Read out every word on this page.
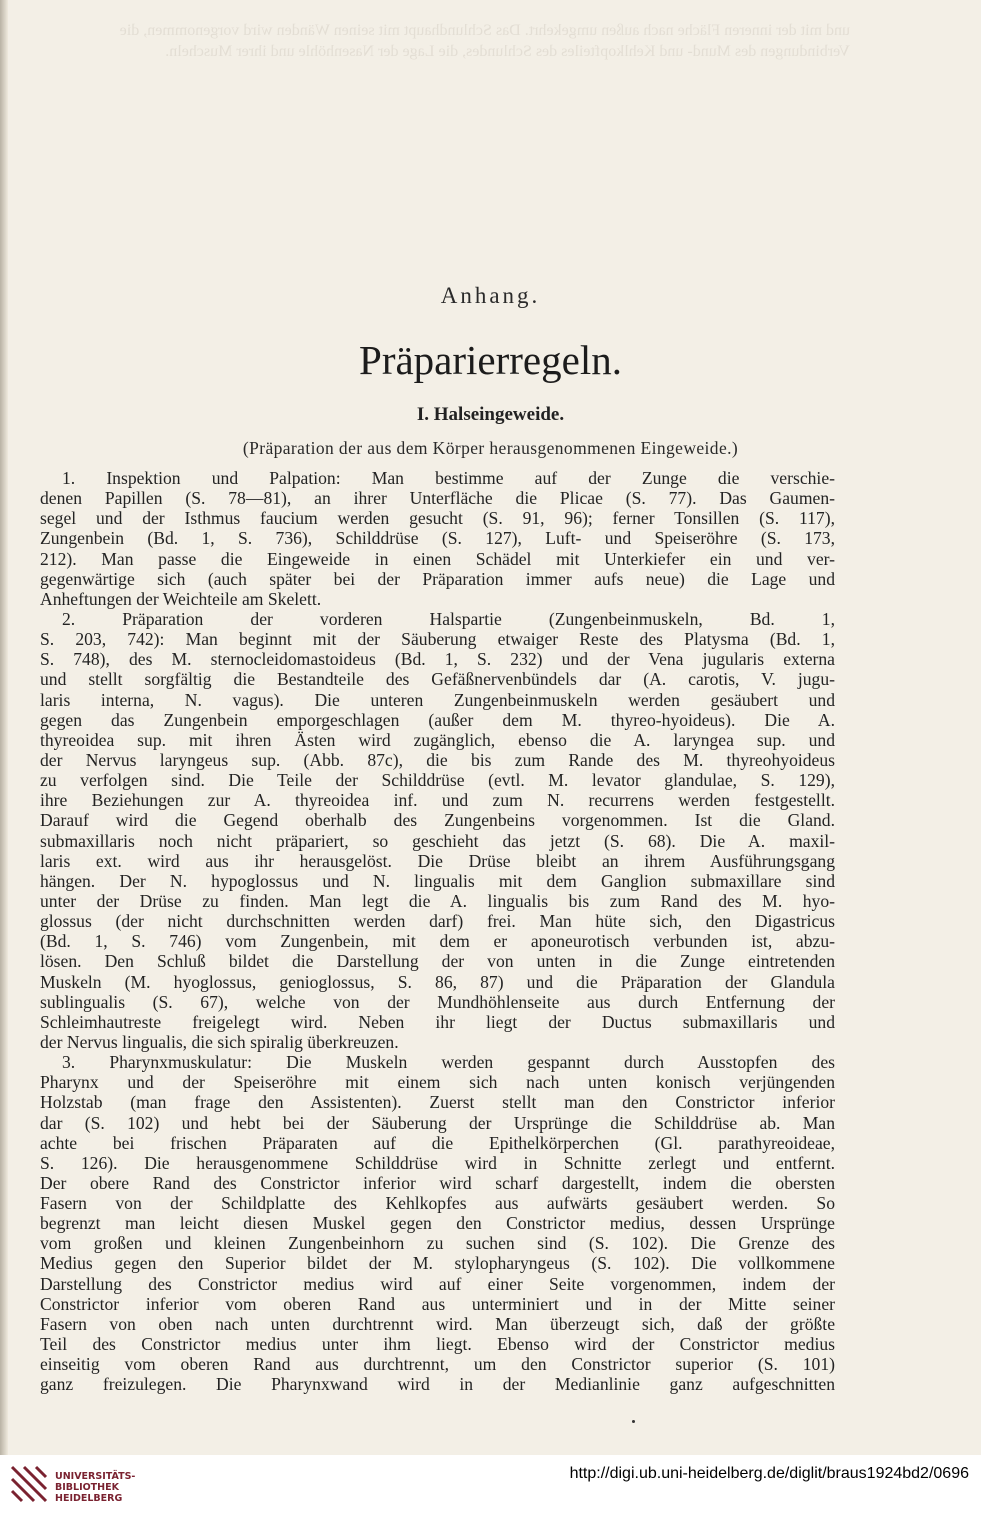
und mit der inneren Fläche nach außen umgekehrt. Das Schlundhaupt mit seinen Wänden wird vorgenommen, die Verbindungen des Mund- und Kehlkopfteiles des Schlundes, die Lage der Nasenhöhle und ihrer Muscheln.
Anhang.
Präparierregeln.
I. Halseingeweide.
(Präparation der aus dem Körper herausgenommenen Eingeweide.)
1. Inspektion und Palpation: Man bestimme auf der Zunge die verschie-
denen Papillen (S. 78—81), an ihrer Unterfläche die Plicae (S. 77). Das Gaumen-
segel und der Isthmus faucium werden gesucht (S. 91, 96); ferner Tonsillen (S. 117),
Zungenbein (Bd. 1, S. 736), Schilddrüse (S. 127), Luft- und Speiseröhre (S. 173,
212). Man passe die Eingeweide in einen Schädel mit Unterkiefer ein und ver-
gegenwärtige sich (auch später bei der Präparation immer aufs neue) die Lage und
Anheftungen der Weichteile am Skelett.
2. Präparation der vorderen Halspartie (Zungenbeinmuskeln, Bd. 1,
S. 203, 742): Man beginnt mit der Säuberung etwaiger Reste des Platysma (Bd. 1,
S. 748), des M. sternocleidomastoideus (Bd. 1, S. 232) und der Vena jugularis externa
und stellt sorgfältig die Bestandteile des Gefäßnervenbündels dar (A. carotis, V. jugu-
laris interna, N. vagus). Die unteren Zungenbeinmuskeln werden gesäubert und
gegen das Zungenbein emporgeschlagen (außer dem M. thyreo-hyoideus). Die A.
thyreoidea sup. mit ihren Ästen wird zugänglich, ebenso die A. laryngea sup. und
der Nervus laryngeus sup. (Abb. 87c), die bis zum Rande des M. thyreohyoideus
zu verfolgen sind. Die Teile der Schilddrüse (evtl. M. levator glandulae, S. 129),
ihre Beziehungen zur A. thyreoidea inf. und zum N. recurrens werden festgestellt.
Darauf wird die Gegend oberhalb des Zungenbeins vorgenommen. Ist die Gland.
submaxillaris noch nicht präpariert, so geschieht das jetzt (S. 68). Die A. maxil-
laris ext. wird aus ihr herausgelöst. Die Drüse bleibt an ihrem Ausführungsgang
hängen. Der N. hypoglossus und N. lingualis mit dem Ganglion submaxillare sind
unter der Drüse zu finden. Man legt die A. lingualis bis zum Rand des M. hyo-
glossus (der nicht durchschnitten werden darf) frei. Man hüte sich, den Digastricus
(Bd. 1, S. 746) vom Zungenbein, mit dem er aponeurotisch verbunden ist, abzu-
lösen. Den Schluß bildet die Darstellung der von unten in die Zunge eintretenden
Muskeln (M. hyoglossus, genioglossus, S. 86, 87) und die Präparation der Glandula
sublingualis (S. 67), welche von der Mundhöhlenseite aus durch Entfernung der
Schleimhautreste freigelegt wird. Neben ihr liegt der Ductus submaxillaris und
der Nervus lingualis, die sich spiralig überkreuzen.
3. Pharynxmuskulatur: Die Muskeln werden gespannt durch Ausstopfen des
Pharynx und der Speiseröhre mit einem sich nach unten konisch verjüngenden
Holzstab (man frage den Assistenten). Zuerst stellt man den Constrictor inferior
dar (S. 102) und hebt bei der Säuberung der Ursprünge die Schilddrüse ab. Man
achte bei frischen Präparaten auf die Epithelkörperchen (Gl. parathyreoideae,
S. 126). Die herausgenommene Schilddrüse wird in Schnitte zerlegt und entfernt.
Der obere Rand des Constrictor inferior wird scharf dargestellt, indem die obersten
Fasern von der Schildplatte des Kehlkopfes aus aufwärts gesäubert werden. So
begrenzt man leicht diesen Muskel gegen den Constrictor medius, dessen Ursprünge
vom großen und kleinen Zungenbeinhorn zu suchen sind (S. 102). Die Grenze des
Medius gegen den Superior bildet der M. stylopharyngeus (S. 102). Die vollkommene
Darstellung des Constrictor medius wird auf einer Seite vorgenommen, indem der
Constrictor inferior vom oberen Rand aus unterminiert und in der Mitte seiner
Fasern von oben nach unten durchtrennt wird. Man überzeugt sich, daß der größte
Teil des Constrictor medius unter ihm liegt. Ebenso wird der Constrictor medius
einseitig vom oberen Rand aus durchtrennt, um den Constrictor superior (S. 101)
ganz freizulegen. Die Pharynxwand wird in der Medianlinie ganz aufgeschnitten
UNIVERSITÄTS-
BIBLIOTHEK
HEIDELBERG
http://digi.ub.uni-heidelberg.de/diglit/braus1924bd2/0696
